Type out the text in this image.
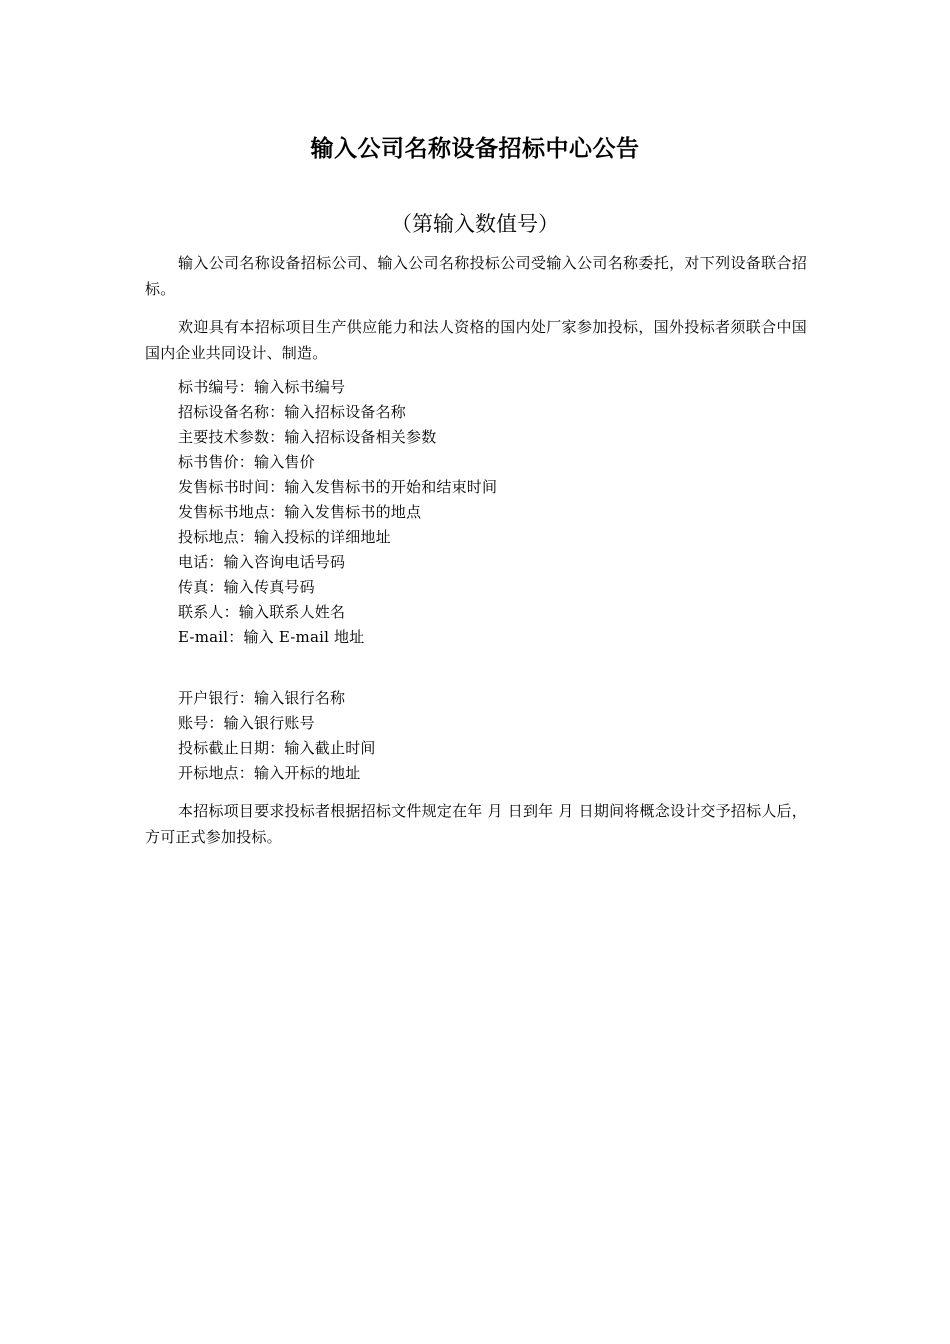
输入公司名称设备招标中心公告
（第输入数值号）
输入公司名称设备招标公司、输入公司名称投标公司受输入公司名称委托，对下列设备联合招标。
欢迎具有本招标项目生产供应能力和法人资格的国内处厂家参加投标，国外投标者须联合中国国内企业共同设计、制造。
标书编号：输入标书编号
招标设备名称：输入招标设备名称
主要技术参数：输入招标设备相关参数
标书售价：输入售价
发售标书时间：输入发售标书的开始和结束时间
发售标书地点：输入发售标书的地点
投标地点：输入投标的详细地址
电话：输入咨询电话号码
传真：输入传真号码
联系人：输入联系人姓名
E-mail：输入 E-mail 地址
开户银行：输入银行名称
账号：输入银行账号
投标截止日期：输入截止时间
开标地点：输入开标的地址
本招标项目要求投标者根据招标文件规定在年 月 日到年 月 日期间将概念设计交予招标人后，方可正式参加投标。
